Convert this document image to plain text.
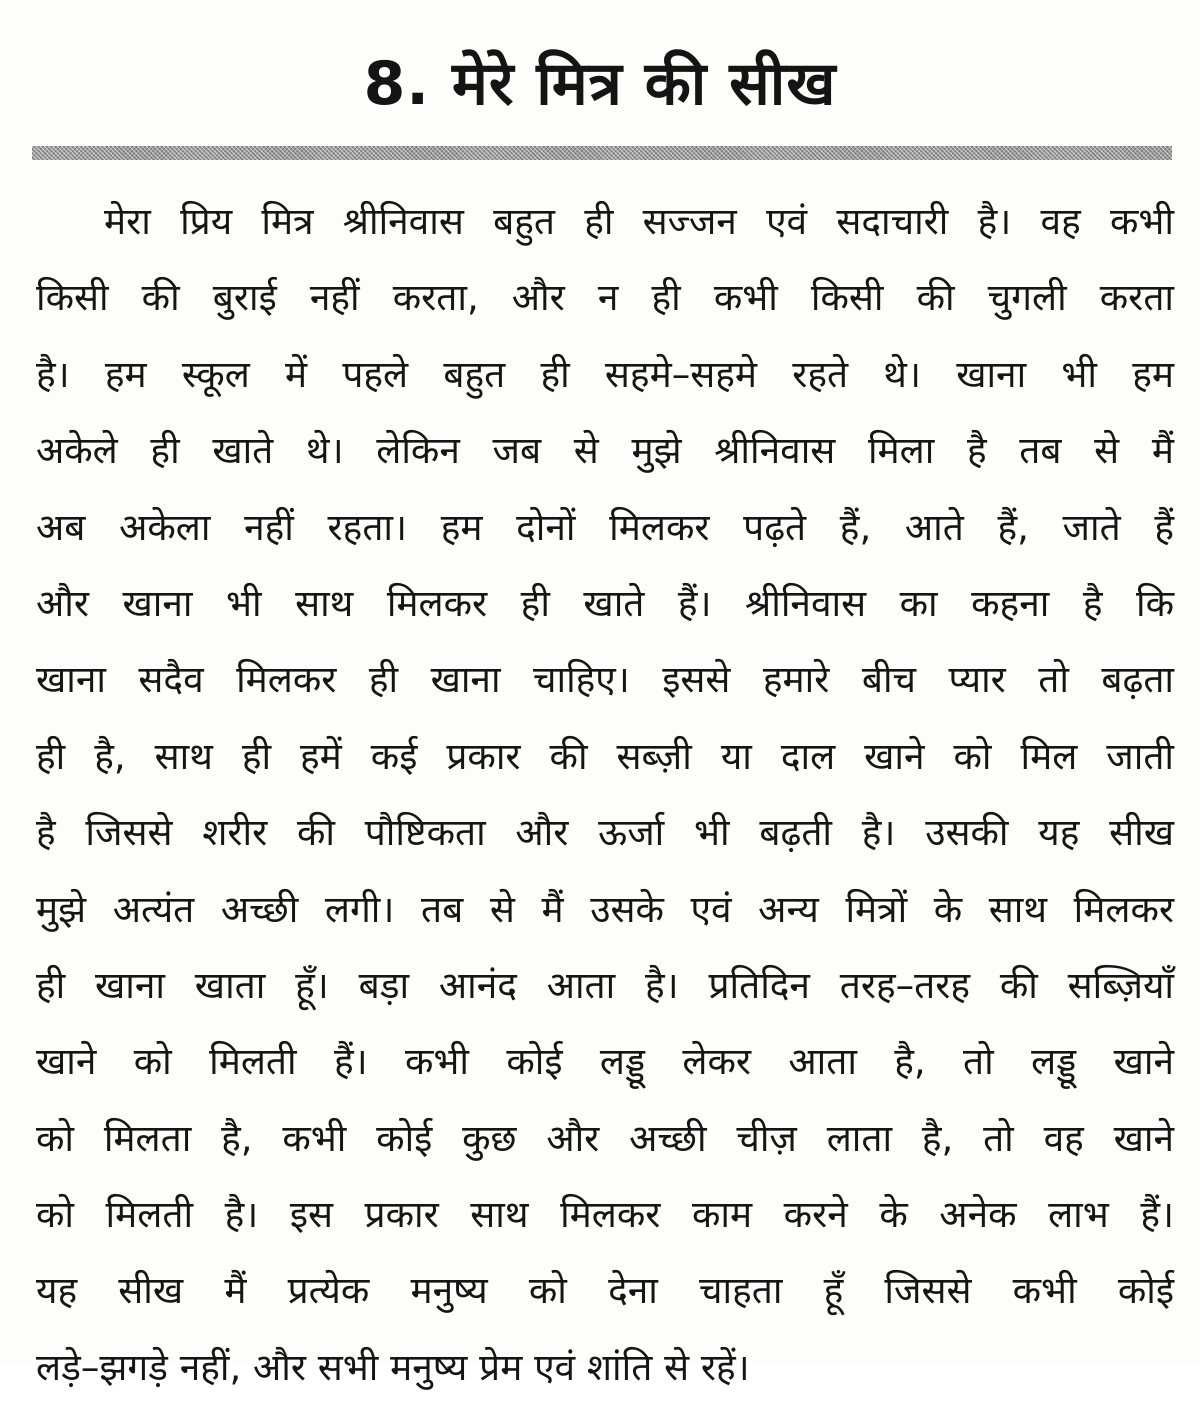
8. मेरे मित्र की सीख
मेरा प्रिय मित्र श्रीनिवास बहुत ही सज्जन एवं सदाचारी है। वह कभी
किसी की बुराई नहीं करता, और न ही कभी किसी की चुगली करता
है। हम स्कूल में पहले बहुत ही सहमे–सहमे रहते थे। खाना भी हम
अकेले ही खाते थे। लेकिन जब से मुझे श्रीनिवास मिला है तब से मैं
अब अकेला नहीं रहता। हम दोनों मिलकर पढ़ते हैं, आते हैं, जाते हैं
और खाना भी साथ मिलकर ही खाते हैं। श्रीनिवास का कहना है कि
खाना सदैव मिलकर ही खाना चाहिए। इससे हमारे बीच प्यार तो बढ़ता
ही है, साथ ही हमें कई प्रकार की सब्ज़ी या दाल खाने को मिल जाती
है जिससे शरीर की पौष्टिकता और ऊर्जा भी बढ़ती है। उसकी यह सीख
मुझे अत्यंत अच्छी लगी। तब से मैं उसके एवं अन्य मित्रों के साथ मिलकर
ही खाना खाता हूँ। बड़ा आनंद आता है। प्रतिदिन तरह–तरह की सब्ज़ियाँ
खाने को मिलती हैं। कभी कोई लड्डू लेकर आता है, तो लड्डू खाने
को मिलता है, कभी कोई कुछ और अच्छी चीज़ लाता है, तो वह खाने
को मिलती है। इस प्रकार साथ मिलकर काम करने के अनेक लाभ हैं।
यह सीख मैं प्रत्येक मनुष्य को देना चाहता हूँ जिससे कभी कोई
लड़े–झगड़े नहीं, और सभी मनुष्य प्रेम एवं शांति से रहें।
